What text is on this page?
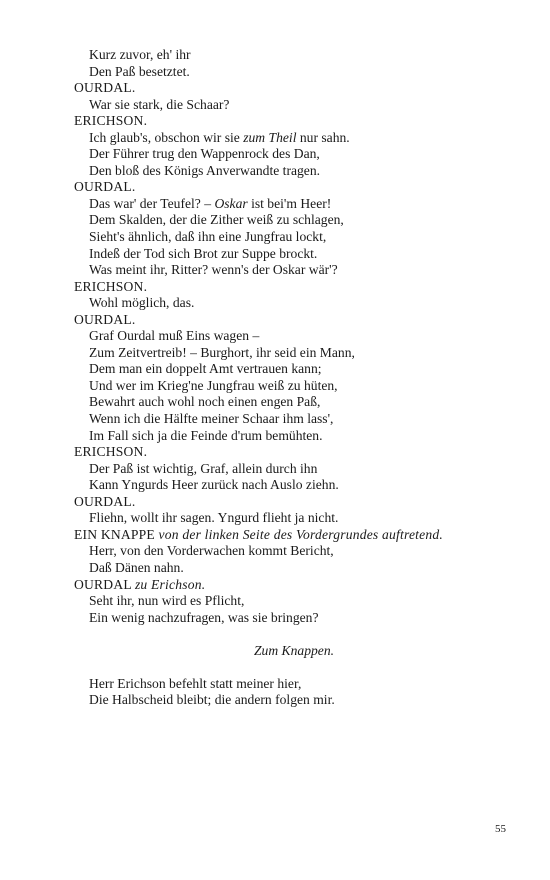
Kurz zuvor, eh' ihr
Den Paß besetztet.
OURDAL.
War sie stark, die Schaar?
ERICHSON.
Ich glaub's, obschon wir sie zum Theil nur sahn.
Der Führer trug den Wappenrock des Dan,
Den bloß des Königs Anverwandte tragen.
OURDAL.
Das war' der Teufel? – Oskar ist bei'm Heer!
Dem Skalden, der die Zither weiß zu schlagen,
Sieht's ähnlich, daß ihn eine Jungfrau lockt,
Indeß der Tod sich Brot zur Suppe brockt.
Was meint ihr, Ritter? wenn's der Oskar wär'?
ERICHSON.
Wohl möglich, das.
OURDAL.
Graf Ourdal muß Eins wagen –
Zum Zeitvertreib! – Burghort, ihr seid ein Mann,
Dem man ein doppelt Amt vertrauen kann;
Und wer im Krieg'ne Jungfrau weiß zu hüten,
Bewahrt auch wohl noch einen engen Paß,
Wenn ich die Hälfte meiner Schaar ihm lass',
Im Fall sich ja die Feinde d'rum bemühten.
ERICHSON.
Der Paß ist wichtig, Graf, allein durch ihn
Kann Yngurds Heer zurück nach Auslo ziehn.
OURDAL.
Fliehn, wollt ihr sagen. Yngurd flieht ja nicht.
EIN KNAPPE von der linken Seite des Vordergrundes auftretend.
Herr, von den Vorderwachen kommt Bericht,
Daß Dänen nahn.
OURDAL zu Erichson.
Seht ihr, nun wird es Pflicht,
Ein wenig nachzufragen, was sie bringen?
Zum Knappen.
Herr Erichson befehlt statt meiner hier,
Die Halbscheid bleibt; die andern folgen mir.
55
